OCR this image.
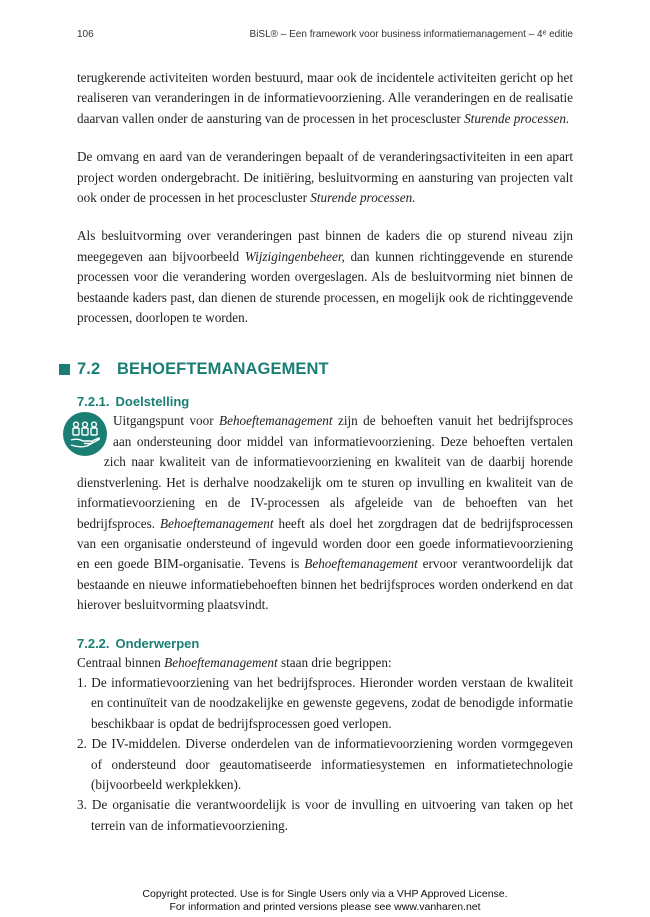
106	BiSL® – Een framework voor business informatiemanagement – 4ᵉ editie

terugkerende activiteiten worden bestuurd, maar ook de incidentele activiteiten gericht op het realiseren van veranderingen in de informatievoorziening. Alle veranderingen en de realisatie daarvan vallen onder de aansturing van de processen in het procescluster Sturende processen.

De omvang en aard van de veranderingen bepaalt of de veranderingsactiviteiten in een apart project worden ondergebracht. De initiëring, besluitvorming en aansturing van projecten valt ook onder de processen in het procescluster Sturende processen.

Als besluitvorming over veranderingen past binnen de kaders die op sturend niveau zijn meegegeven aan bijvoorbeeld Wijzigingenbeheer, dan kunnen richtinggevende en sturende processen voor die verandering worden overgeslagen. Als de besluitvorming niet binnen de bestaande kaders past, dan dienen de sturende processen, en mogelijk ook de richtinggevende processen, doorlopen te worden.

7.2	BEHOEFTEMANAGEMENT
7.2.1. Doelstelling

Uitgangspunt voor Behoeftemanagement zijn de behoeften vanuit het bedrijfsproces aan ondersteuning door middel van informatievoorziening. Deze behoeften vertalen zich naar kwaliteit van de informatievoorziening en kwaliteit van de daarbij horende dienstverlening. Het is derhalve noodzakelijk om te sturen op invulling en kwaliteit van de informatievoorziening en de IV-processen als afgeleide van de behoeften van het bedrijfsproces. Behoeftemanagement heeft als doel het zorgdragen dat de bedrijfsprocessen van een organisatie ondersteund of ingevuld worden door een goede informatievoorziening en een goede BIM-organisatie. Tevens is Behoeftemanagement ervoor verantwoordelijk dat bestaande en nieuwe informatiebehoeften binnen het bedrijfsproces worden onderkend en dat hierover besluitvorming plaatsvindt.

7.2.2. Onderwerpen
Centraal binnen Behoeftemanagement staan drie begrippen:
1. De informatievoorziening van het bedrijfsproces. Hieronder worden verstaan de kwaliteit en continuïteit van de noodzakelijke en gewenste gegevens, zodat de benodigde informatie beschikbaar is opdat de bedrijfsprocessen goed verlopen.
2. De IV-middelen. Diverse onderdelen van de informatievoorziening worden vormgegeven of ondersteund door geautomatiseerde informatiesystemen en informatietechnologie (bijvoorbeeld werkplekken).
3. De organisatie die verantwoordelijk is voor de invulling en uitvoering van taken op het terrein van de informatievoorziening.
Copyright protected. Use is for Single Users only via a VHP Approved License.
For information and printed versions please see www.vanharen.net
